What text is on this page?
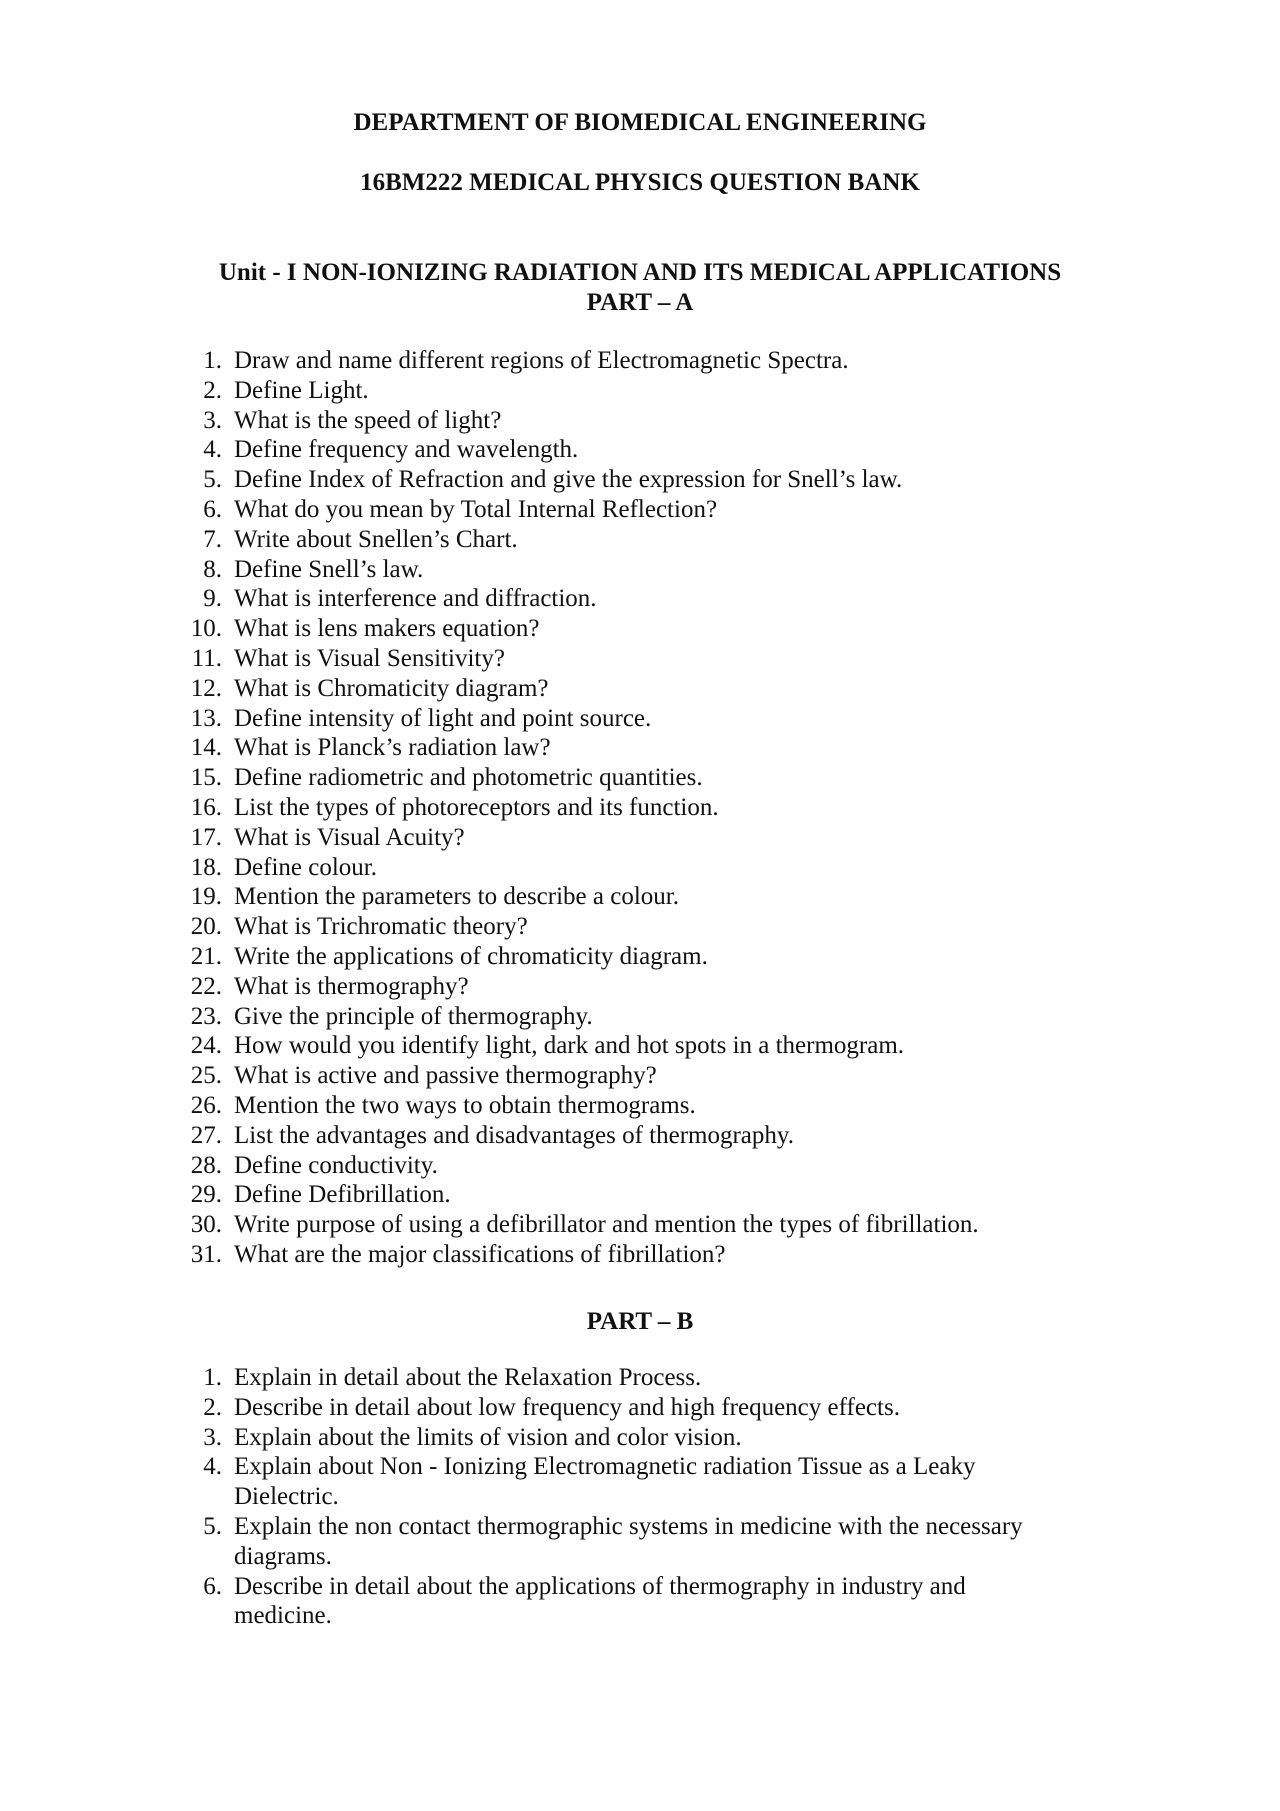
DEPARTMENT OF BIOMEDICAL ENGINEERING
16BM222 MEDICAL PHYSICS QUESTION BANK
Unit - I NON-IONIZING RADIATION AND ITS MEDICAL APPLICATIONS
PART – A
1. Draw and name different regions of Electromagnetic Spectra.
2. Define Light.
3. What is the speed of light?
4. Define frequency and wavelength.
5. Define Index of Refraction and give the expression for Snell’s law.
6. What do you mean by Total Internal Reflection?
7. Write about Snellen’s Chart.
8. Define Snell’s law.
9. What is interference and diffraction.
10. What is lens makers equation?
11. What is Visual Sensitivity?
12. What is Chromaticity diagram?
13. Define intensity of light and point source.
14. What is Planck’s radiation law?
15. Define radiometric and photometric quantities.
16. List the types of photoreceptors and its function.
17. What is Visual Acuity?
18. Define colour.
19. Mention the parameters to describe a colour.
20. What is Trichromatic theory?
21. Write the applications of chromaticity diagram.
22. What is thermography?
23. Give the principle of thermography.
24. How would you identify light, dark and hot spots in a thermogram.
25. What is active and passive thermography?
26. Mention the two ways to obtain thermograms.
27. List the advantages and disadvantages of thermography.
28. Define conductivity.
29. Define Defibrillation.
30. Write purpose of using a defibrillator and mention the types of fibrillation.
31. What are the major classifications of fibrillation?
PART – B
1. Explain in detail about the Relaxation Process.
2. Describe in detail about low frequency and high frequency effects.
3. Explain about the limits of vision and color vision.
4. Explain about Non - Ionizing Electromagnetic radiation Tissue as a Leaky Dielectric.
5. Explain the non contact thermographic systems in medicine with the necessary diagrams.
6. Describe in detail about the applications of thermography in industry and medicine.
